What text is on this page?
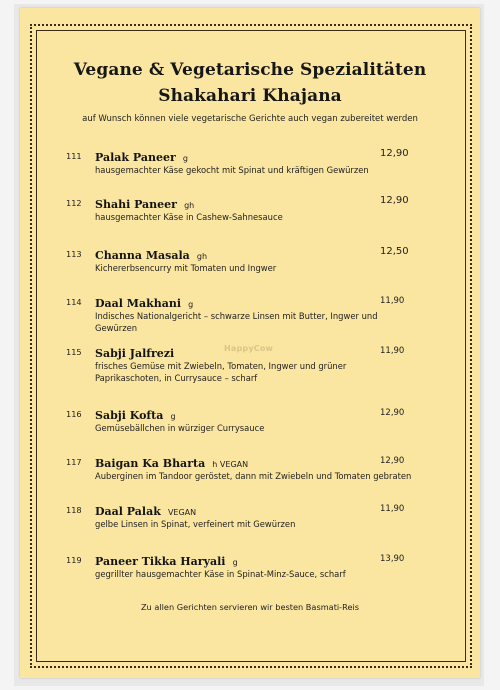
Vegane & Vegetarische Spezialitäten
Shakahari Khajana
auf Wunsch können viele vegetarische Gerichte auch vegan zubereitet werden
111 Palak Paneer g	12,90
hausgemachter Käse gekocht mit Spinat und kräftigen Gewürzen
112 Shahi Paneer gh	12,90
hausgemachter Käse in Cashew-Sahnesauce
113 Channa Masala gh	12,50
Kichererbsencurry mit Tomaten und Ingwer
114 Daal Makhani g	11,90
Indisches Nationalgericht – schwarze Linsen mit Butter, Ingwer und Gewürzen
115 Sabji Jalfrezi	11,90
frisches Gemüse mit Zwiebeln, Tomaten, Ingwer und grüner Paprikaschoten, in Currysauce – scharf
116 Sabji Kofta g	12,90
Gemüsebällchen in würziger Currysauce
117 Baigan Ka Bharta h VEGAN	12,90
Auberginen im Tandoor geröstet, dann mit Zwiebeln und Tomaten gebraten
118 Daal Palak VEGAN	11,90
gelbe Linsen in Spinat, verfeinert mit Gewürzen
119 Paneer Tikka Haryali g	13,90
gegrillter hausgemachter Käse in Spinat-Minz-Sauce, scharf
Zu allen Gerichten servieren wir besten Basmati-Reis
HappyCow
